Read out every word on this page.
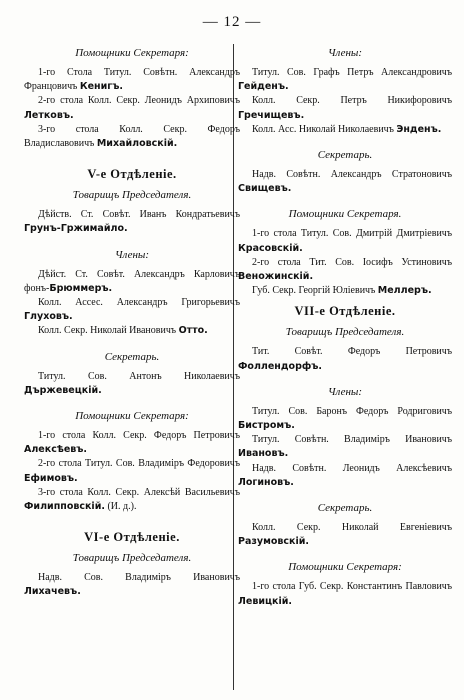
— 12 —

Помощники Секретаря:

1-го Стола Титул. Совѣтн. Александръ Францовичъ Кенигъ.

2-го стола Колл. Секр. Леонидъ Архиповичъ Летковъ.

3-го стола Колл. Секр. Федоръ Владиславовичъ Михайловскій.

V-е Отдѣленіе.

Товарищъ Председателя.

Дѣйств. Ст. Совѣт. Иванъ Кондратьевичъ Грунъ-Гржимайло.

Члены:

Дѣйст. Ст. Совѣт. Александръ Карловичъ фонъ-Брюммеръ.

Колл. Ассес. Александръ Григорьевичъ Глуховъ.

Колл. Секр. Николай Ивановичъ Отто.

Секретарь.

Титул. Сов. Антонъ Николаевичъ Държевецкій.

Помощники Секретаря:

1-го стола Колл. Секр. Федоръ Петровичъ Алексѣевъ.

2-го стола Титул. Сов. Владиміръ Федоровичъ Ефимовъ.

3-го стола Колл. Секр. Алексѣй Васильевичъ Филипповскій. (И. д.).

VI-е Отдѣленіе.

Товарищъ Председателя.

Надв. Сов. Владиміръ Ивановичъ Лихачевъ.

Члены:

Титул. Сов. Графъ Петръ Александровичъ Гейденъ.

Колл. Секр. Петръ Никифоровичъ Гречищевъ.

Колл. Асс. Николай Николаевичъ Энденъ.

Секретарь.

Надв. Совѣтн. Александръ Стратоновичъ Свищевъ.

Помощники Секретаря.

1-го стола Титул. Сов. Дмитрій Дмитріевичъ Красовскій.

2-го стола Тит. Сов. Іосифъ Устиновичъ Веножинскій.

Губ. Секр. Георгій Юліевичъ Меллеръ.

VII-е Отдѣленіе.

Товарищъ Председателя.

Тит. Совѣт. Федоръ Петровичъ Фоллендорфъ.

Члены:

Титул. Сов. Баронъ Федоръ Родриговичъ Бистромъ.

Титул. Совѣтн. Владиміръ Ивановичъ Ивановъ.

Надв. Совѣтн. Леонидъ Алексѣевичъ Логиновъ.

Секретарь.

Колл. Секр. Николай Евгеніевичъ Разумовскій.

Помощники Секретаря:

1-го стола Губ. Секр. Константинъ Павловичъ Левицкій.
